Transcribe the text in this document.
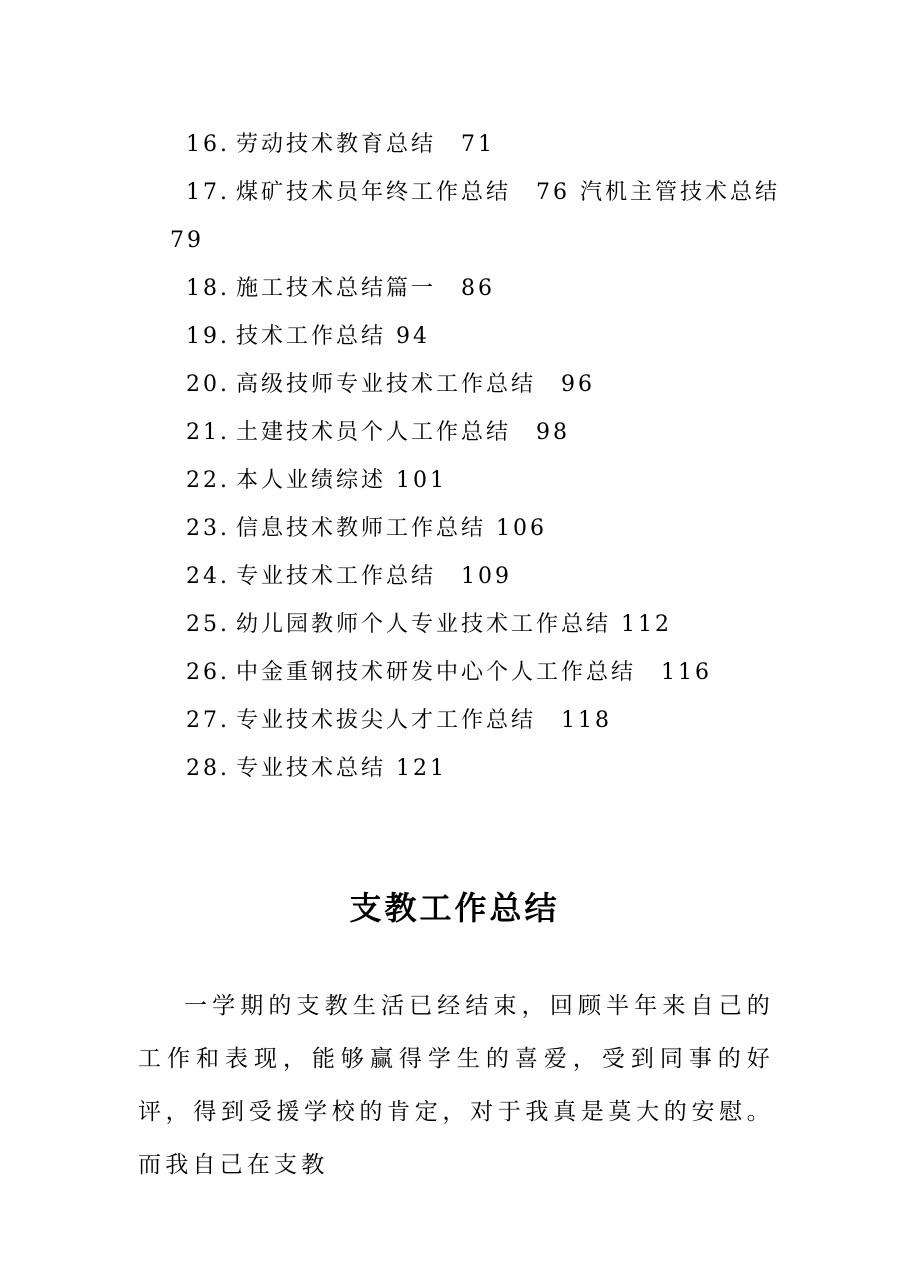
16. 劳动技术教育总结　71
17. 煤矿技术员年终工作总结　76 汽机主管技术总结
79
18. 施工技术总结篇一　86
19. 技术工作总结 94
20. 高级技师专业技术工作总结　96
21. 土建技术员个人工作总结　98
22. 本人业绩综述 101
23. 信息技术教师工作总结 106
24. 专业技术工作总结　109
25. 幼儿园教师个人专业技术工作总结 112
26. 中金重钢技术研发中心个人工作总结　116
27. 专业技术拔尖人才工作总结　118
28. 专业技术总结 121
支教工作总结

一学期的支教生活已经结束，回顾半年来自己的工作和表现，能够赢得学生的喜爱，受到同事的好评，得到受援学校的肯定，对于我真是莫大的安慰。而我自己在支教
